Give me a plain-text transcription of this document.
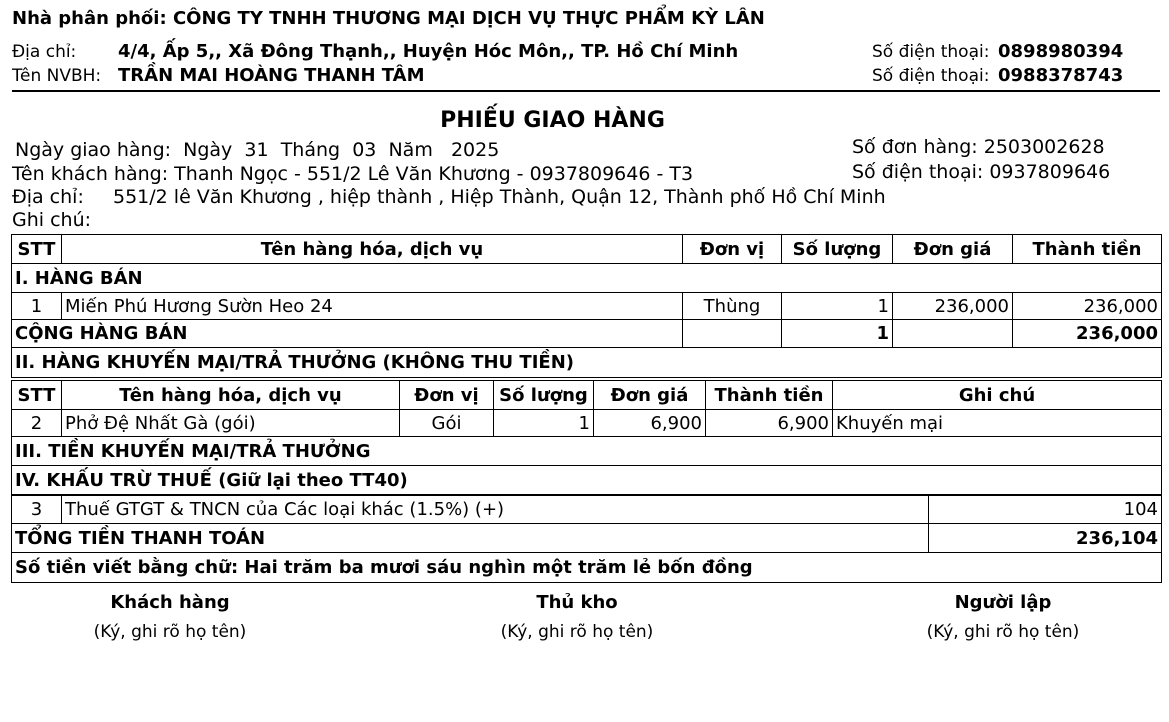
Nhà phân phối: CÔNG TY TNHH THƯƠNG MẠI DỊCH VỤ THỰC PHẨM KỲ LÂN
Địa chỉ: 4/4, Ấp 5,, Xã Đông Thạnh,, Huyện Hóc Môn,, TP. Hồ Chí Minh	Số điện thoại: 0898980394
Tên NVBH: TRẦN MAI HOÀNG THANH TÂM	Số điện thoại: 0988378743
PHIẾU GIAO HÀNG
Ngày giao hàng: Ngày 31 Tháng 03 Năm 2025	Số đơn hàng: 2503002628
Tên khách hàng: Thanh Ngọc - 551/2 Lê Văn Khương - 0937809646 - T3	Số điện thoại: 0937809646
Địa chỉ: 551/2 lê Văn Khương , hiệp thành , Hiệp Thành, Quận 12, Thành phố Hồ Chí Minh
Ghi chú:
STT	Tên hàng hóa, dịch vụ	Đơn vị	Số lượng	Đơn giá	Thành tiền
I. HÀNG BÁN					
1	Miến Phú Hương Sườn Heo 24	Thùng	1	236,000	236,000
CỘNG HÀNG BÁN			1		236,000
II. HÀNG KHUYẾN MẠI/TRẢ THƯỞNG (KHÔNG THU TIỀN)					
STT	Tên hàng hóa, dịch vụ	Đơn vị	Số lượng	Đơn giá	Thành tiền	Ghi chú
2	Phở Đệ Nhất Gà (gói)	Gói	1	6,900	6,900	Khuyến mại
III. TIỀN KHUYẾN MẠI/TRẢ THƯỞNG						
IV. KHẤU TRỪ THUẾ (Giữ lại theo TT40)						
3	Thuế GTGT & TNCN của Các loại khác (1.5%) (+)	104
TỔNG TIỀN THANH TOÁN		236,104
Số tiền viết bằng chữ: Hai trăm ba mươi sáu nghìn một trăm lẻ bốn đồng		
Khách hàng
(Ký, ghi rõ họ tên)
Thủ kho
(Ký, ghi rõ họ tên)
Người lập
(Ký, ghi rõ họ tên)
